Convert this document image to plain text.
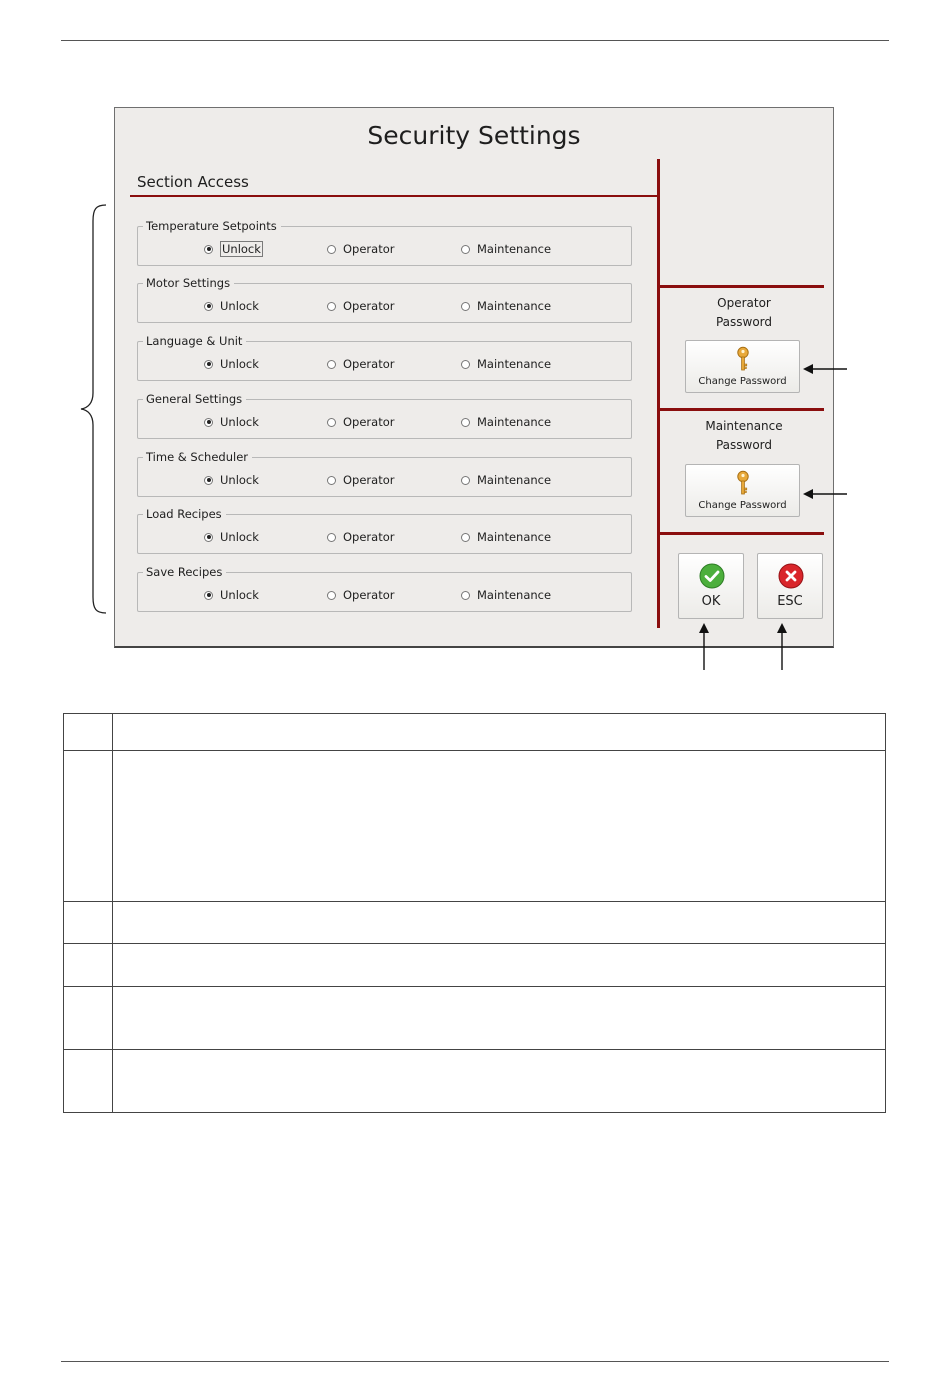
Security Settings
Section Access
Temperature Setpoints
Unlock	Operator	Maintenance
Motor Settings
Unlock	Operator	Maintenance
Language & Unit
Unlock	Operator	Maintenance
General Settings
Unlock	Operator	Maintenance
Time & Scheduler
Unlock	Operator	Maintenance
Load Recipes
Unlock	Operator	Maintenance
Save Recipes
Unlock	Operator	Maintenance
Operator
Password
Change Password
Maintenance
Password
Change Password
OK	ESC
